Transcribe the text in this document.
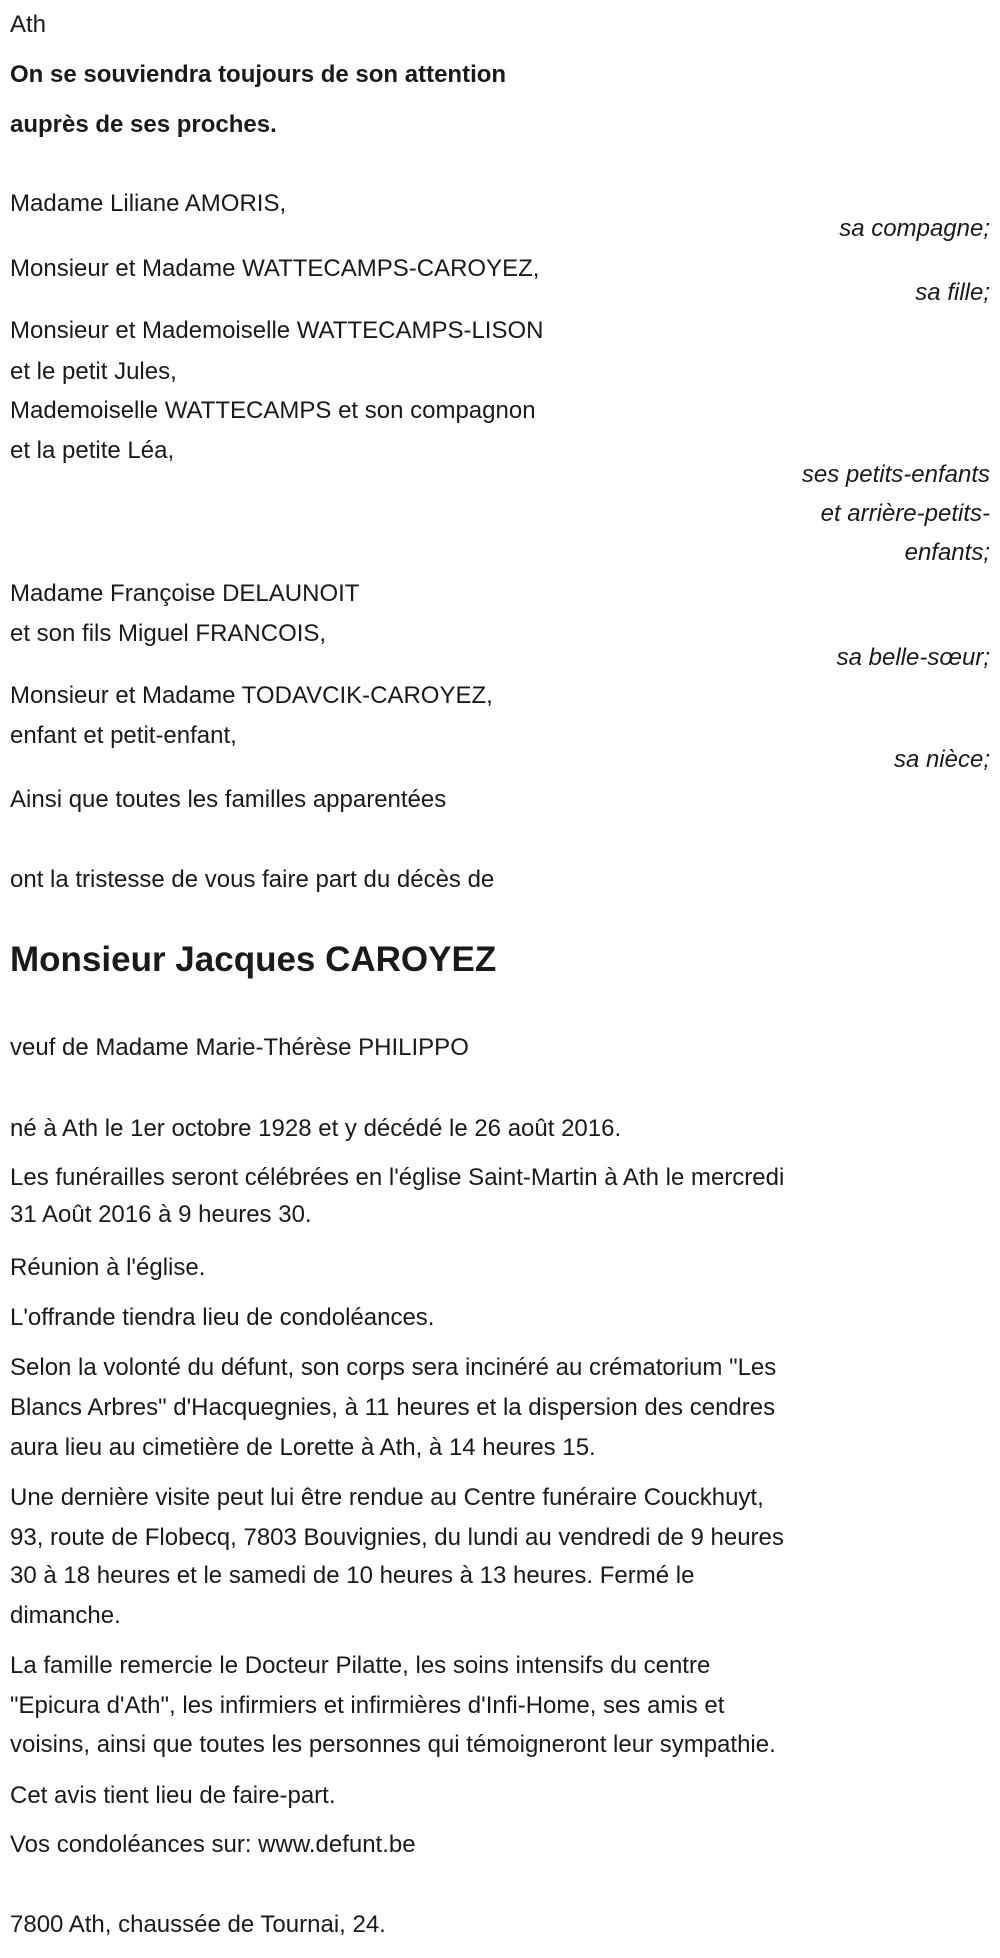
Ath
On se souviendra toujours de son attention
auprès de ses proches.
Madame Liliane AMORIS,
sa compagne;
Monsieur et Madame WATTECAMPS-CAROYEZ,
sa fille;
Monsieur et Mademoiselle WATTECAMPS-LISON
et le petit Jules,
Mademoiselle WATTECAMPS et son compagnon
et la petite Léa,
ses petits-enfants
et arrière-petits-
enfants;
Madame Françoise DELAUNOIT
et son fils Miguel FRANCOIS,
sa belle-sœur;
Monsieur et Madame TODAVCIK-CAROYEZ,
enfant et petit-enfant,
sa nièce;
Ainsi que toutes les familles apparentées
ont la tristesse de vous faire part du décès de
Monsieur Jacques CAROYEZ
veuf de Madame Marie-Thérèse PHILIPPO
né à Ath le 1er octobre 1928 et y décédé le 26 août 2016.
Les funérailles seront célébrées en l'église Saint-Martin à Ath le mercredi
31 Août 2016 à 9 heures 30.
Réunion à l'église.
L'offrande tiendra lieu de condoléances.
Selon la volonté du défunt, son corps sera incinéré au crématorium "Les
Blancs Arbres" d'Hacquegnies, à 11 heures et la dispersion des cendres
aura lieu au cimetière de Lorette à Ath, à 14 heures 15.
Une dernière visite peut lui être rendue au Centre funéraire Couckhuyt,
93, route de Flobecq, 7803 Bouvignies, du lundi au vendredi de 9 heures
30 à 18 heures et le samedi de 10 heures à 13 heures. Fermé le
dimanche.
La famille remercie le Docteur Pilatte, les soins intensifs du centre
"Epicura d'Ath", les infirmiers et infirmières d'Infi-Home, ses amis et
voisins, ainsi que toutes les personnes qui témoigneront leur sympathie.
Cet avis tient lieu de faire-part.
Vos condoléances sur: www.defunt.be
7800 Ath, chaussée de Tournai, 24.
